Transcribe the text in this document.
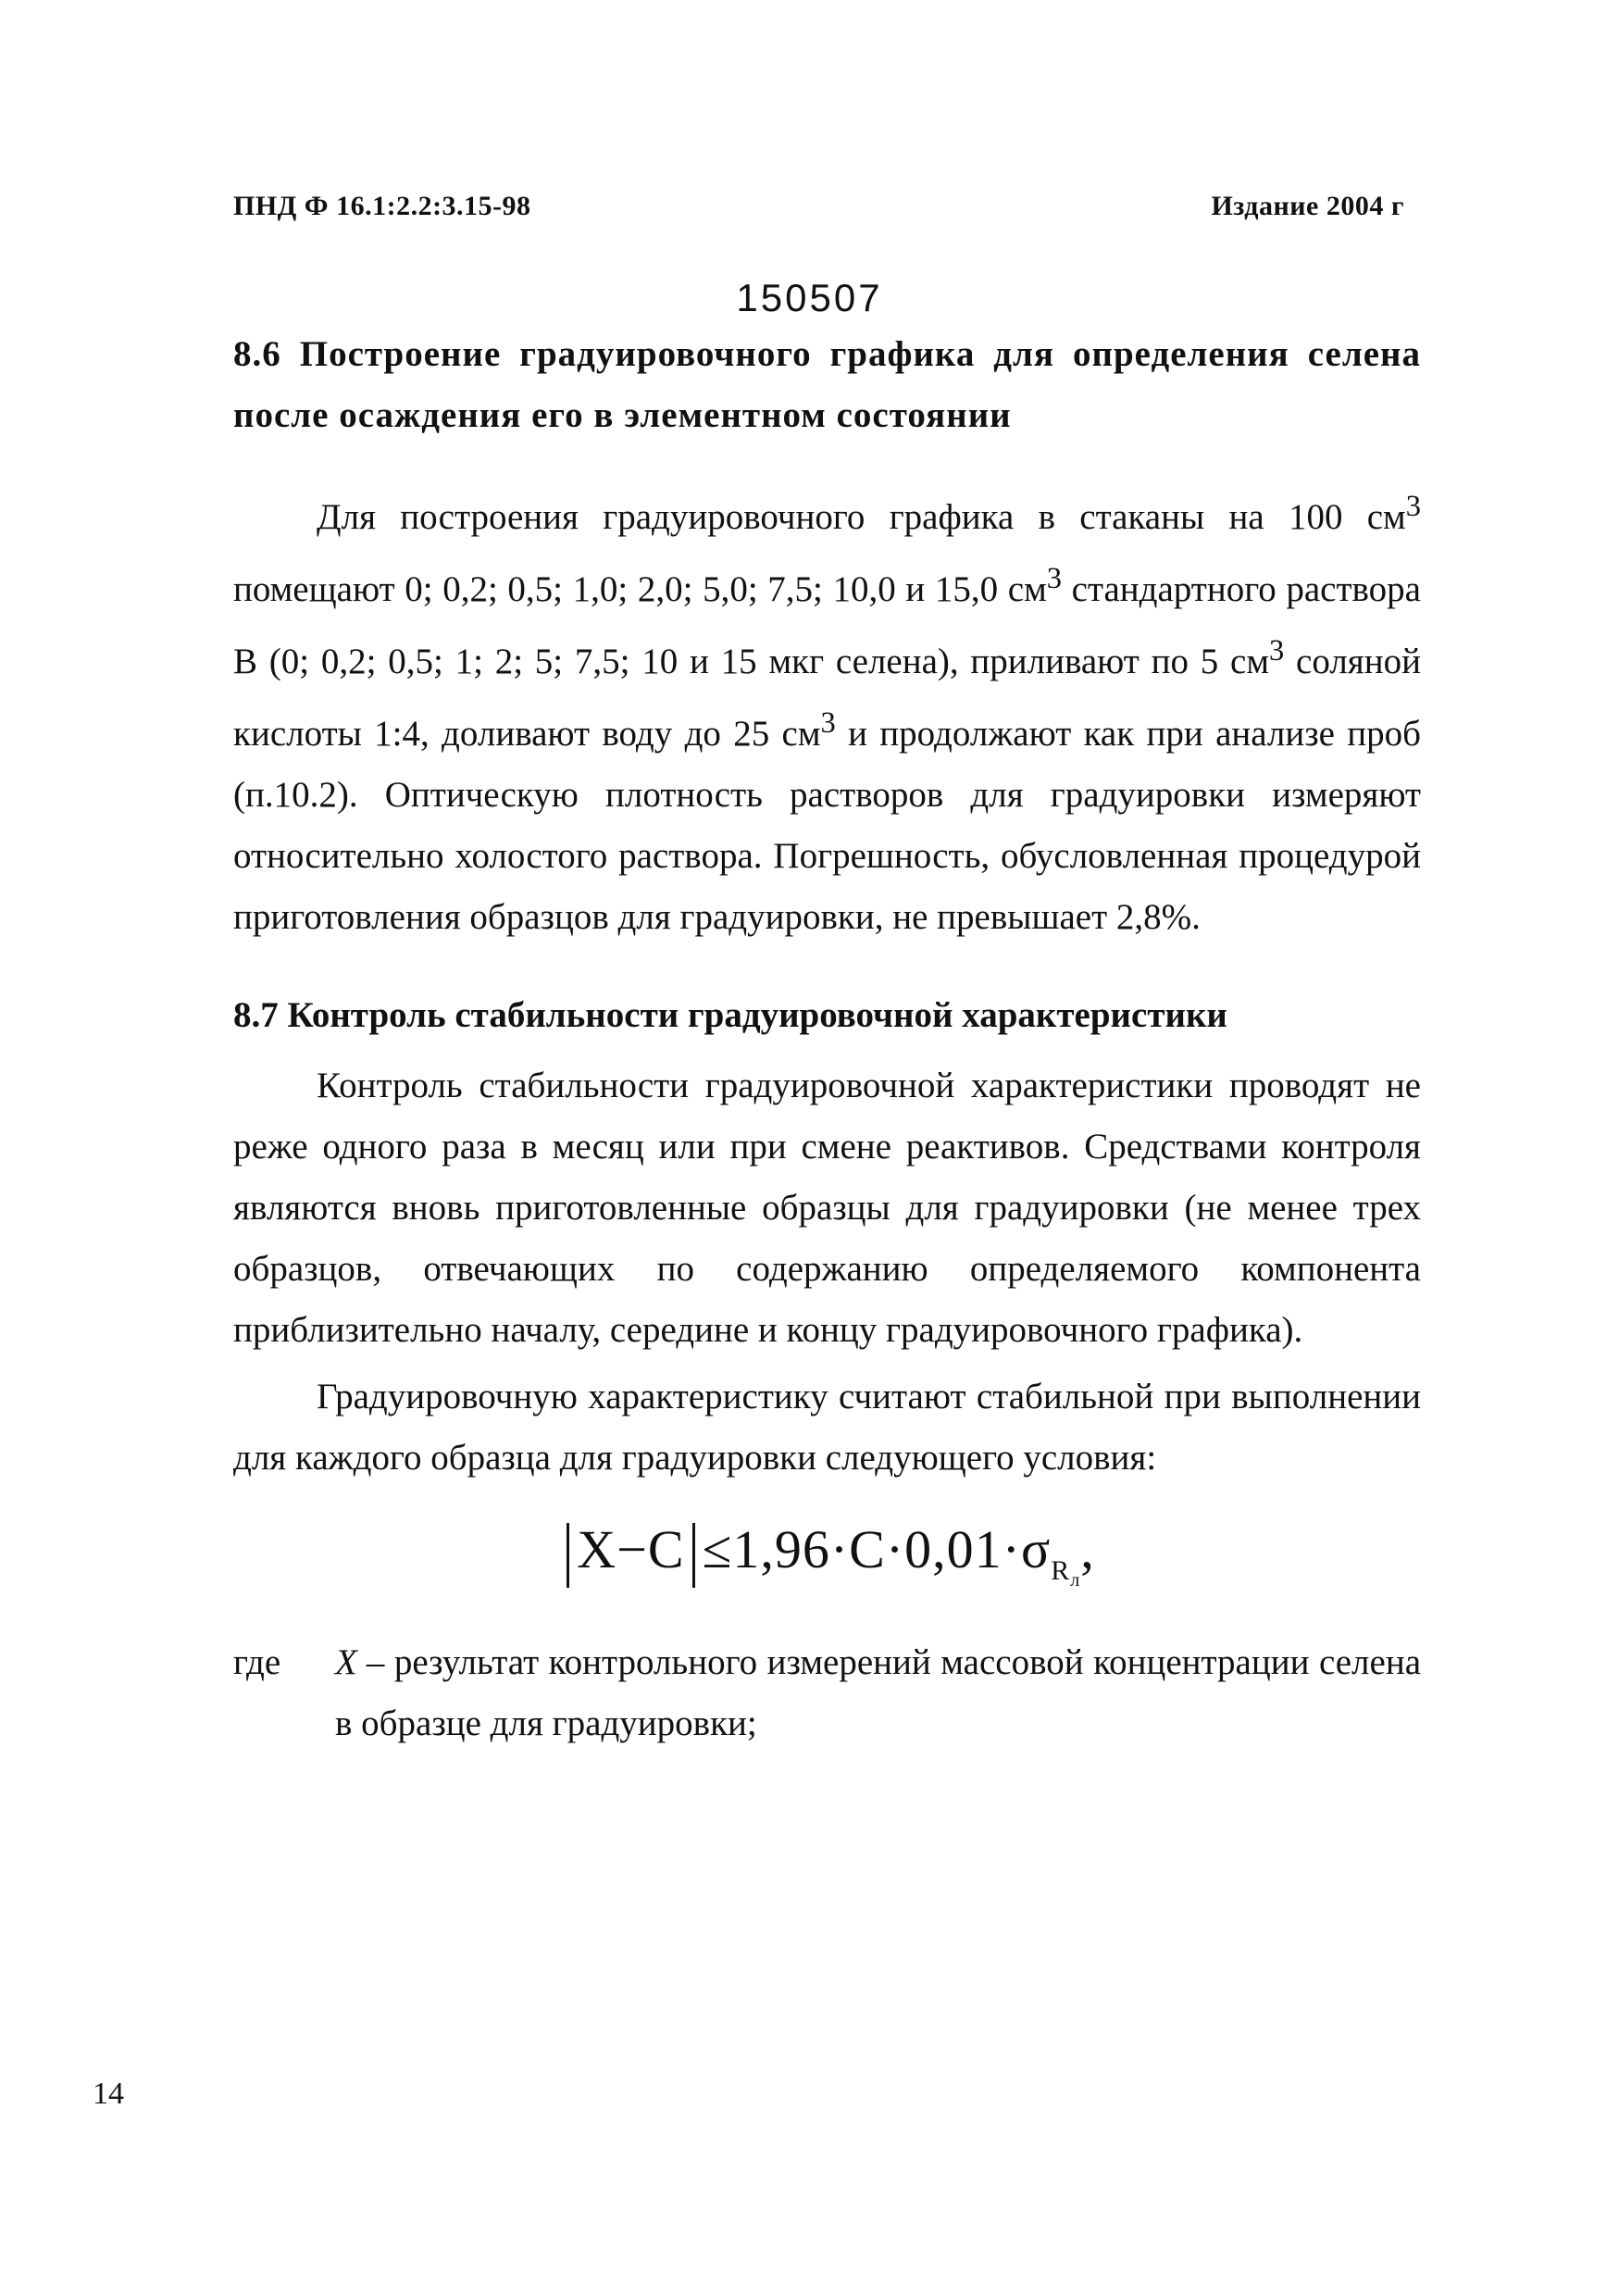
ПНД Ф 16.1:2.2:3.15-98	Издание 2004 г
150507

8.6 Построение градуировочного графика для определения селена после осаждения его в элементном состоянии

Для построения градуировочного графика в стаканы на 100 $см^3$ помещают 0; 0,2; 0,5; 1,0; 2,0; 5,0; 7,5; 10,0 и 15,0 $см^3$ стандартного раствора В (0; 0,2; 0,5; 1; 2; 5; 7,5; 10 и 15 мкг селена), приливают по 5 $см^3$ соляной кислоты 1:4, доливают воду до 25 $см^3$ и продолжают как при анализе проб (п.10.2). Оптическую плотность растворов для градуировки измеряют относительно холостого раствора. Погрешность, обусловленная процедурой приготовления образцов для градуировки, не превышает 2,8%.

8.7 Контроль стабильности градуировочной характеристики

Контроль стабильности градуировочной характеристики проводят не реже одного раза в месяц или при смене реактивов. Средствами контроля являются вновь приготовленные образцы для градуировки (не менее трех образцов, отвечающих по содержанию определяемого компонента приблизительно началу, середине и концу градуировочного графика).

Градуировочную характеристику считают стабильной при выполнении для каждого образца для градуировки следующего условия:

$X-C \le 1,96\cdot C\cdot 0,01\cdot\sigma_{R_л}$,
где	X – результат контрольного измерений массовой концентрации селена в образце для градуировки;

14
